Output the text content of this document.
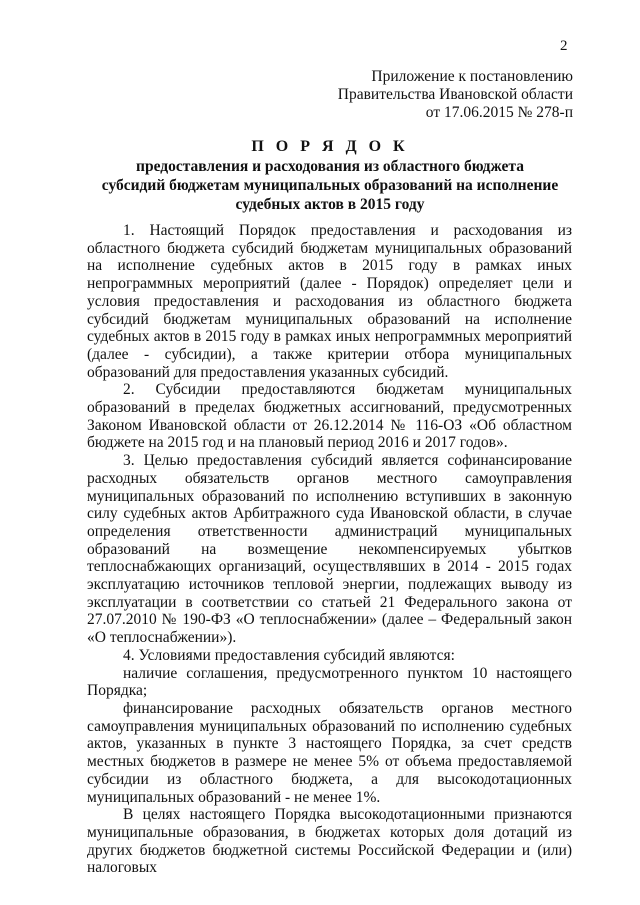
2
Приложение к постановлению
Правительства Ивановской области
от 17.06.2015 № 278-п
П О Р Я Д О К
предоставления и расходования из областного бюджета
субсидий бюджетам муниципальных образований на исполнение
судебных актов в 2015 году

1. Настоящий Порядок предоставления и расходования из областного бюджета субсидий бюджетам муниципальных образований на исполнение судебных актов в 2015 году в рамках иных непрограммных мероприятий (далее - Порядок) определяет цели и условия предоставления и расходования из областного бюджета субсидий бюджетам муниципальных образований на исполнение судебных актов в 2015 году в рамках иных непрограммных мероприятий (далее - субсидии), а также критерии отбора муниципальных образований для предоставления указанных субсидий.

2. Субсидии предоставляются бюджетам муниципальных образований в пределах бюджетных ассигнований, предусмотренных Законом Ивановской области от 26.12.2014 № 116-ОЗ «Об областном бюджете на 2015 год и на плановый период 2016 и 2017 годов».

3. Целью предоставления субсидий является софинансирование расходных обязательств органов местного самоуправления муниципальных образований по исполнению вступивших в законную силу судебных актов Арбитражного суда Ивановской области, в случае определения ответственности администраций муниципальных образований на возмещение некомпенсируемых убытков теплоснабжающих организаций, осуществлявших в 2014 - 2015 годах эксплуатацию источников тепловой энергии, подлежащих выводу из эксплуатации в соответствии со статьей 21 Федерального закона от 27.07.2010 № 190-ФЗ «О теплоснабжении» (далее – Федеральный закон «О теплоснабжении»).

4. Условиями предоставления субсидий являются:

наличие соглашения, предусмотренного пунктом 10 настоящего Порядка;

финансирование расходных обязательств органов местного самоуправления муниципальных образований по исполнению судебных актов, указанных в пункте 3 настоящего Порядка, за счет средств местных бюджетов в размере не менее 5% от объема предоставляемой субсидии из областного бюджета, а для высокодотационных муниципальных образований - не менее 1%.

В целях настоящего Порядка высокодотационными признаются муниципальные образования, в бюджетах которых доля дотаций из других бюджетов бюджетной системы Российской Федерации и (или) налоговых
